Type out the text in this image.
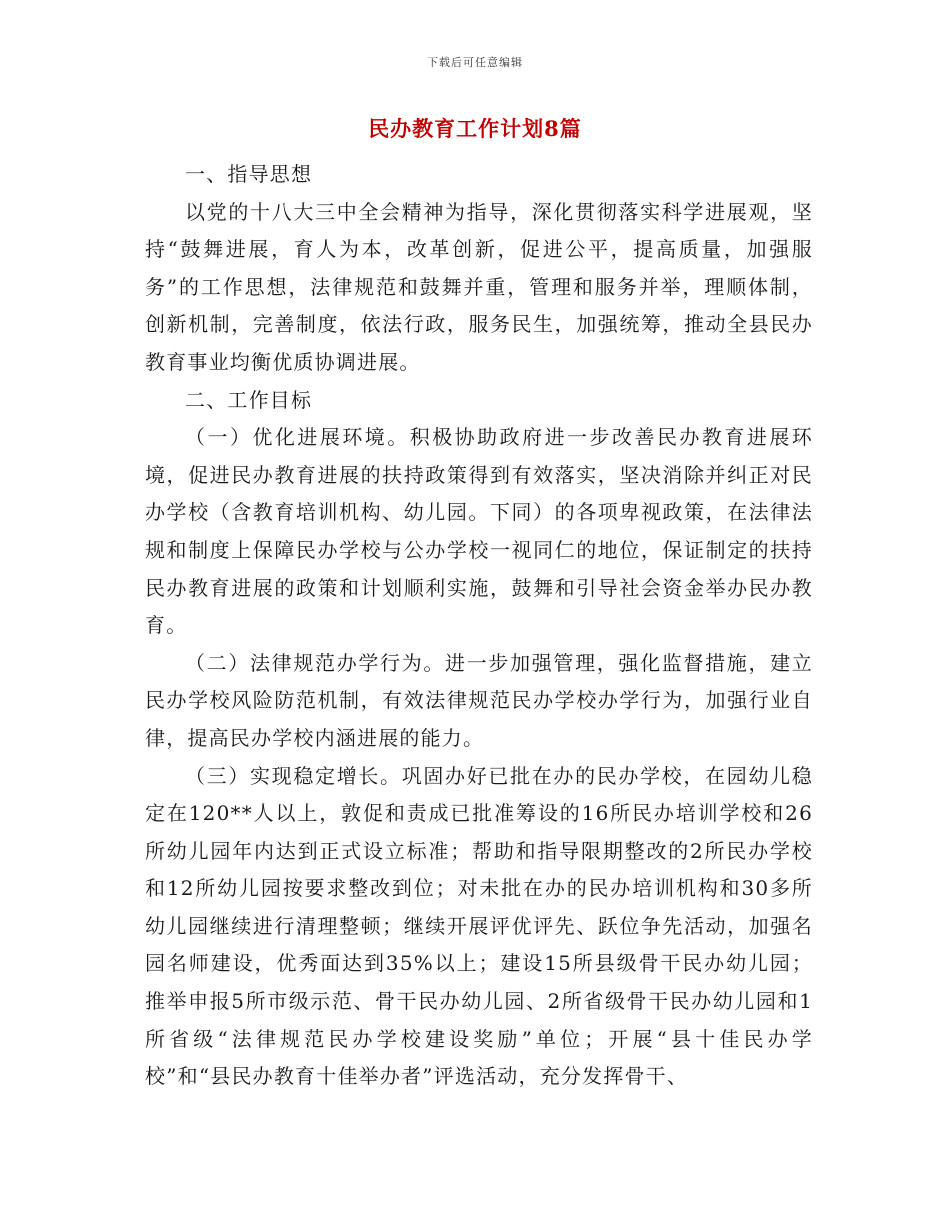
下载后可任意编辑
民办教育工作计划8篇

一、指导思想

以党的十八大三中全会精神为指导，深化贯彻落实科学进展观，坚持“鼓舞进展，育人为本，改革创新，促进公平，提高质量，加强服务”的工作思想，法律规范和鼓舞并重，管理和服务并举，理顺体制，创新机制，完善制度，依法行政，服务民生，加强统筹，推动全县民办教育事业均衡优质协调进展。

二、工作目标

（一）优化进展环境。积极协助政府进一步改善民办教育进展环境，促进民办教育进展的扶持政策得到有效落实，坚决消除并纠正对民办学校（含教育培训机构、幼儿园。下同）的各项卑视政策，在法律法规和制度上保障民办学校与公办学校一视同仁的地位，保证制定的扶持民办教育进展的政策和计划顺利实施，鼓舞和引导社会资金举办民办教育。

（二）法律规范办学行为。进一步加强管理，强化监督措施，建立民办学校风险防范机制，有效法律规范民办学校办学行为，加强行业自律，提高民办学校内涵进展的能力。

（三）实现稳定增长。巩固办好已批在办的民办学校，在园幼儿稳定在120**人以上，敦促和责成已批准筹设的16所民办培训学校和26所幼儿园年内达到正式设立标准；帮助和指导限期整改的2所民办学校和12所幼儿园按要求整改到位；对未批在办的民办培训机构和30多所幼儿园继续进行清理整顿；继续开展评优评先、跃位争先活动，加强名园名师建设，优秀面达到35%以上；建设15所县级骨干民办幼儿园；推举申报5所市级示范、骨干民办幼儿园、2所省级骨干民办幼儿园和1所省级“法律规范民办学校建设奖励”单位；开展“县十佳民办学校”和“县民办教育十佳举办者”评选活动，充分发挥骨干、
